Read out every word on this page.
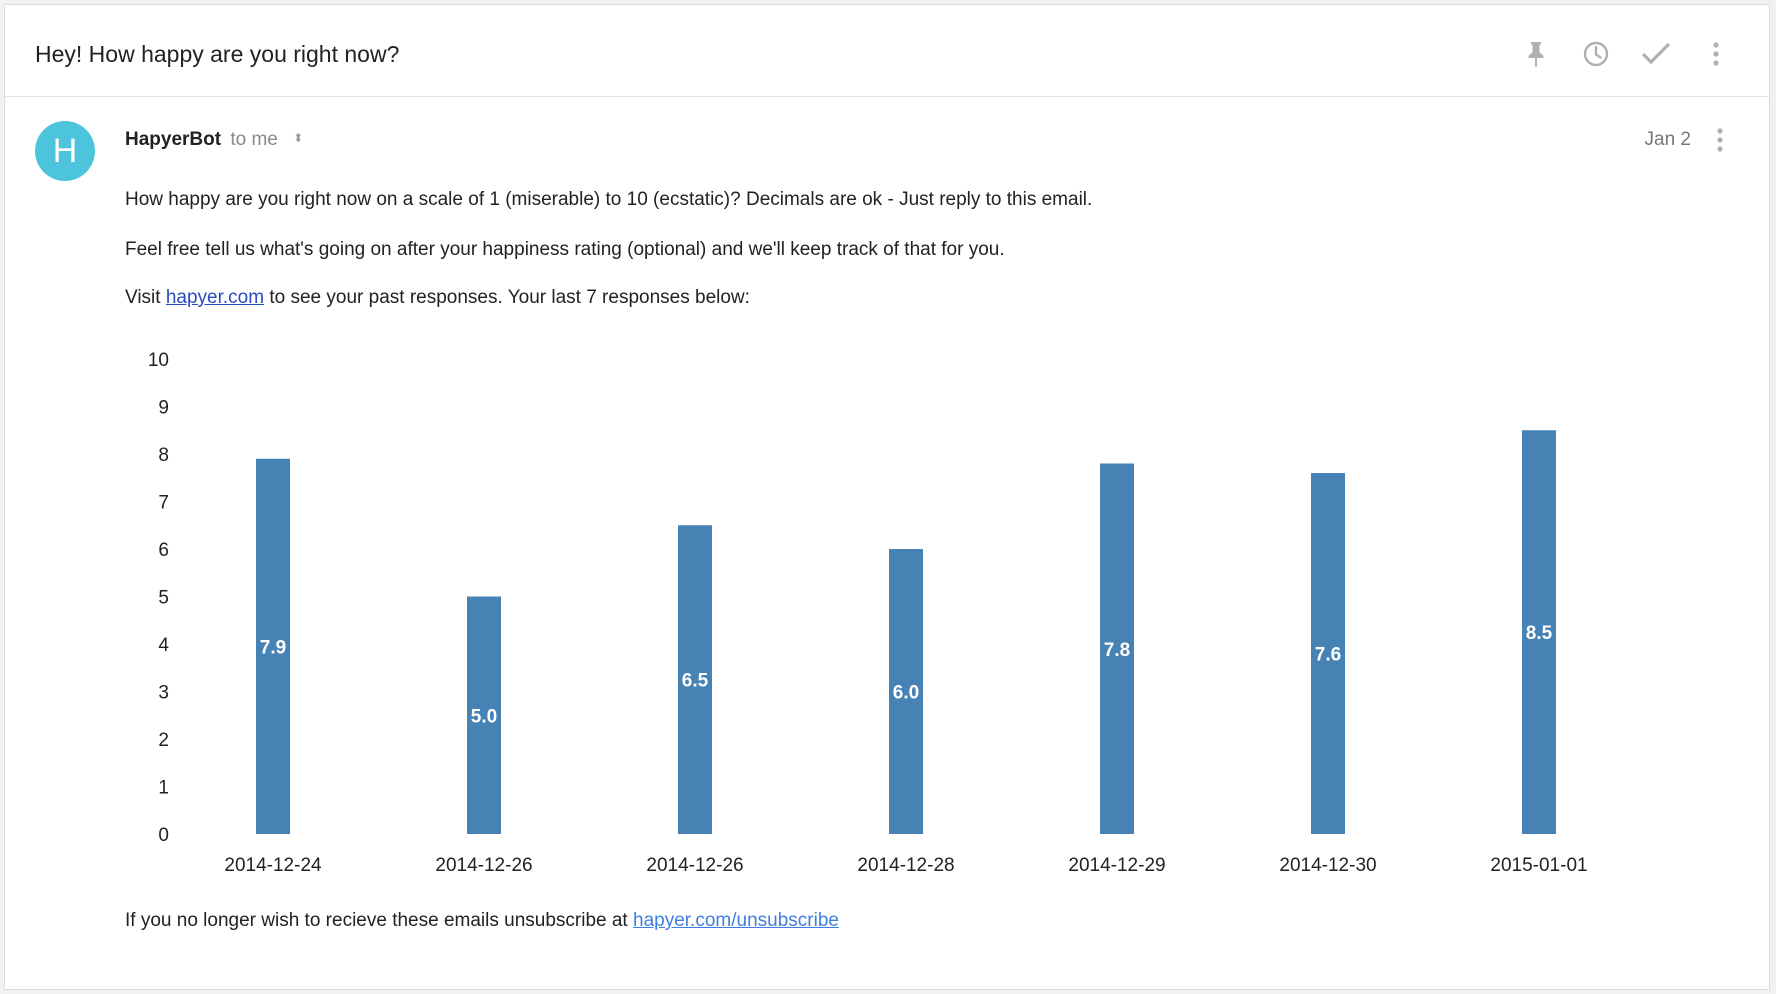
Hey! How happy are you right now?
H	HapyerBot to me ⬍	Jan 2
How happy are you right now on a scale of 1 (miserable) to 10 (ecstatic)? Decimals are ok - Just reply to this email.
Feel free tell us what's going on after your happiness rating (optional) and we'll keep track of that for you.
Visit hapyer.com to see your past responses. Your last 7 responses below:
0
1
2
3
4
5
6
7
8
9
10
7.9
2014-12-24
5.0
2014-12-26
6.5
2014-12-26
6.0
2014-12-28
7.8
2014-12-29
7.6
2014-12-30
8.5
2015-01-01
If you no longer wish to recieve these emails unsubscribe at hapyer.com/unsubscribe
